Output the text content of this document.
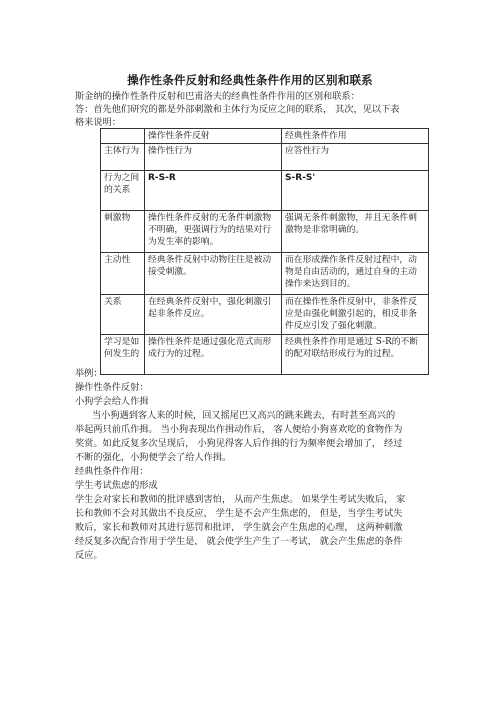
操作性条件反射和经典性条件作用的区别和联系
斯金纳的操作性条件反射和巴甫洛夫的经典性条件作用的区别和联系：
答：首先他们研究的都是外部刺激和主体行为反应之间的联系， 其次，见以下表
格来说明：
	操作性条件反射	经典性条件作用
主体行为	操作性行为	应答性行为
行为之间的关系	R-S-R	S-R-S'
刺激物	操作性条件反射的无条件刺激物不明确，更强调行为的结果对行为发生率的影响。	强调无条件刺激物，并且无条件刺激物是非常明确的。
主动性	经典条件反射中动物往往是被动接受刺激。	而在形成操作条件反射过程中，动物是自由活动的，通过自身的主动操作来达到目的。
关系	在经典条件反射中，强化刺激引起非条件反应。	而在操作性条件反射中，非条件反应是由强化刺激引起的，相反非条件反应引发了强化刺激。
学习是如何发生的	操作性条件是通过强化范式而形成行为的过程。	经典性条件作用是通过 S-R的不断的配对联结形成行为的过程。
举例：
操作性条件反射：
小狗学会给人作揖
当小狗遇到客人来的时候，回又摇尾巴又高兴的跳来跳去，有时甚至高兴的
举起两只前爪作揖。 当小狗表现出作揖动作后， 客人便给小狗喜欢吃的食物作为
奖赏。如此反复多次呈现后， 小狗见得客人后作揖的行为频率便会增加了， 经过
不断的强化，小狗便学会了给人作揖。
经典性条件作用：
学生考试焦虑的形成
学生会对家长和教师的批评感到害怕， 从而产生焦虑。 如果学生考试失败后， 家
长和教师不会对其做出不良反应， 学生是不会产生焦虑的， 但是，当学生考试失
败后，家长和教师对其进行惩罚和批评， 学生就会产生焦虑的心理， 这两种刺激
经反复多次配合作用于学生是， 就会使学生产生了一考试， 就会产生焦虑的条件
反应。
